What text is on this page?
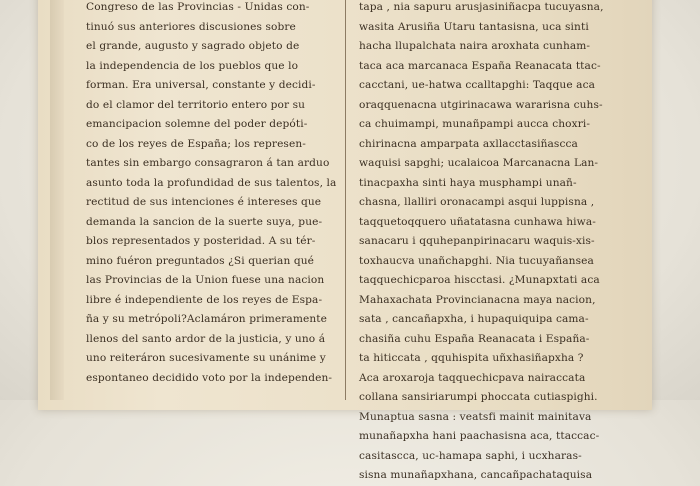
Congreso de las Provincias - Unidas con-
tinuó sus anteriores discusiones sobre
el grande, augusto y sagrado objeto de
la independencia de los pueblos que lo
forman. Era universal, constante y decidi-
do el clamor del territorio entero por su
emancipacion solemne del poder depóti-
co de los reyes de España; los represen-
tantes sin embargo consagraron á tan arduo
asunto toda la profundidad de sus talentos, la
rectitud de sus intenciones é intereses que
demanda la sancion de la suerte suya, pue-
blos representados y posteridad. A su tér-
mino fuéron preguntados ¿Si querian qué
las Provincias de la Union fuese una nacion
libre é independiente de los reyes de Espa-
ña y su metrópoli?Aclamáron primeramente
llenos del santo ardor de la justicia, y uno á
uno reiteráron sucesivamente su unánime y
espontaneo decidido voto por la independen-
tapa , nia sapuru arusjasiniñacpa tucuyasna,
wasita Arusiña Utaru tantasisna, uca sinti
hacha llupalchata naira aroxhata cunham-
taca aca marcanaca España Reanacata ttac-
cacctani, ue-hatwa ccalltapghi: Taqque aca
oraqquenacna utgirinacawa wararisna cuhs-
ca chuimampi, munañpampi aucca choxri-
chirinacna amparpata axllacctasiñascca
waquisi sapghi; ucalaicoa Marcanacna Lan-
tinacpaxha sinti haya musphampi unañ-
chasna, llalliri oronacampi asqui luppisna ,
taqquetoqquero uñatatasna cunhawa hiwa-
sanacaru i qquhepanpirinacaru waquis-xis-
toxhaucva unañchapghi. Nia tucuyañansea
taqquechicparoa hiscctasi. ¿Munapxtati aca
Mahaxachata Provincianacna maya nacion,
sata , cancañapxha, i hupaquiquipa cama-
chasiña cuhu España Reanacata i España-
ta hiticcata , qquhispita uñxhasiñapxha ?
Aca aroxaroja taqquechicpava nairaccata
collana sansiriarumpi phoccata cutiaspighi.
Munaptua sasna : veatsfi mainit mainitava
munañapxha hani paachasisna aca, ttaccac-
casitascca, uc-hamapa saphi, i ucxharas-
sisna munañapxhana, cancañpachataquisa
